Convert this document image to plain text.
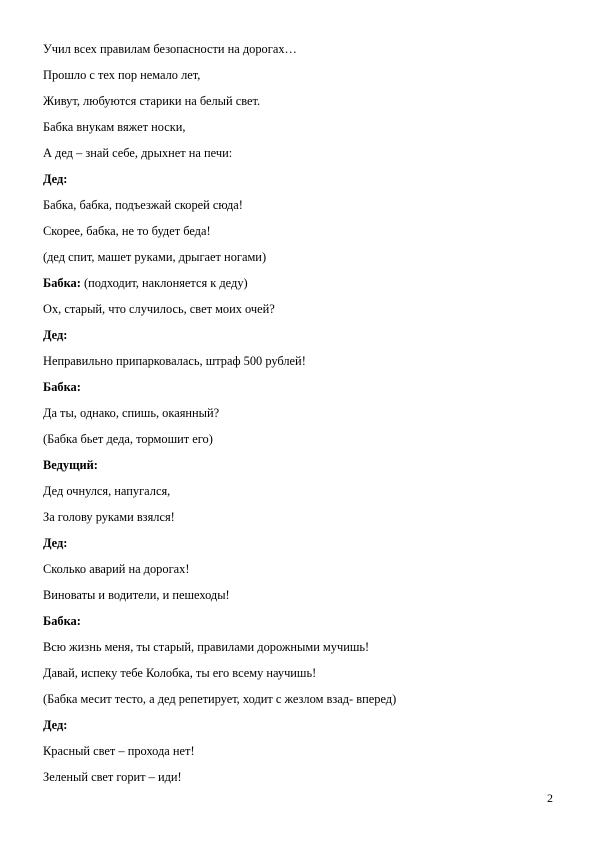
Учил всех правилам безопасности на дорогах…
Прошло с тех пор немало лет,
Живут, любуются старики на белый свет.
Бабка внукам вяжет носки,
А дед – знай себе, дрыхнет на печи:
Дед:
Бабка, бабка, подъезжай скорей сюда!
Скорее, бабка, не то будет беда!
(дед спит, машет руками, дрыгает ногами)
Бабка: (подходит, наклоняется к деду)
Ох, старый, что случилось, свет моих очей?
Дед:
Неправильно припарковалась, штраф 500 рублей!
Бабка:
Да ты, однако, спишь, окаянный?
(Бабка бьет деда, тормошит его)
Ведущий:
Дед очнулся, напугался,
За голову руками взялся!
Дед:
Сколько аварий на дорогах!
Виноваты и водители, и пешеходы!
Бабка:
Всю жизнь меня, ты старый, правилами дорожными мучишь!
Давай, испеку тебе Колобка, ты его всему научишь!
(Бабка месит тесто, а дед репетирует, ходит с жезлом взад- вперед)
Дед:
Красный свет – прохода нет!
Зеленый свет горит – иди!
2
